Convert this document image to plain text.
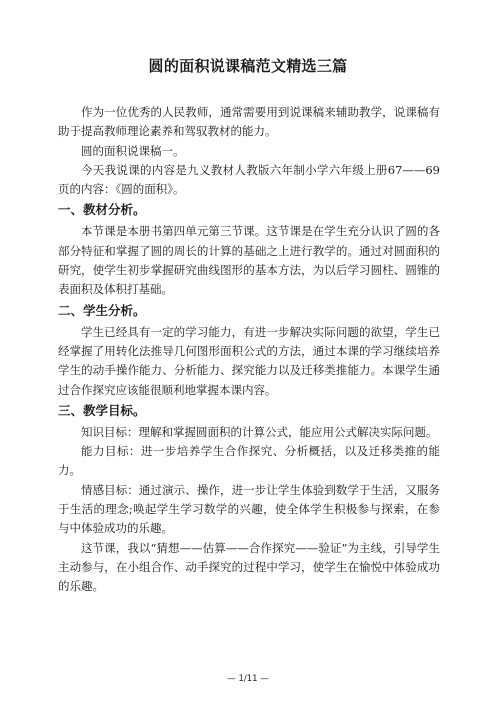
圆的面积说课稿范文精选三篇

作为一位优秀的人民教师，通常需要用到说课稿来辅助教学，说课稿有助于提高教师理论素养和驾驭教材的能力。

圆的面积说课稿一。

今天我说课的内容是九义教材人教版六年制小学六年级上册67——69页的内容：《圆的面积》。

一、教材分析。

本节课是本册书第四单元第三节课。这节课是在学生充分认识了圆的各部分特征和掌握了圆的周长的计算的基础之上进行教学的。通过对圆面积的研究，使学生初步掌握研究曲线图形的基本方法，为以后学习圆柱、圆锥的表面积及体积打基础。

二、学生分析。

学生已经具有一定的学习能力，有进一步解决实际问题的欲望，学生已经掌握了用转化法推导几何图形面积公式的方法，通过本课的学习继续培养学生的动手操作能力、分析能力、探究能力以及迁移类推能力。本课学生通过合作探究应该能很顺利地掌握本课内容。

三、教学目标。

知识目标：理解和掌握圆面积的计算公式，能应用公式解决实际问题。

能力目标：进一步培养学生合作探究、分析概括，以及迁移类推的能力。

情感目标：通过演示、操作，进一步让学生体验到数学于生活，又服务于生活的理念;唤起学生学习数学的兴趣，使全体学生积极参与探索，在参与中体验成功的乐趣。

这节课，我以“猜想——估算——合作探究——验证”为主线，引导学生主动参与，在小组合作、动手探究的过程中学习，使学生在愉悦中体验成功的乐趣。

— 1/11 —
